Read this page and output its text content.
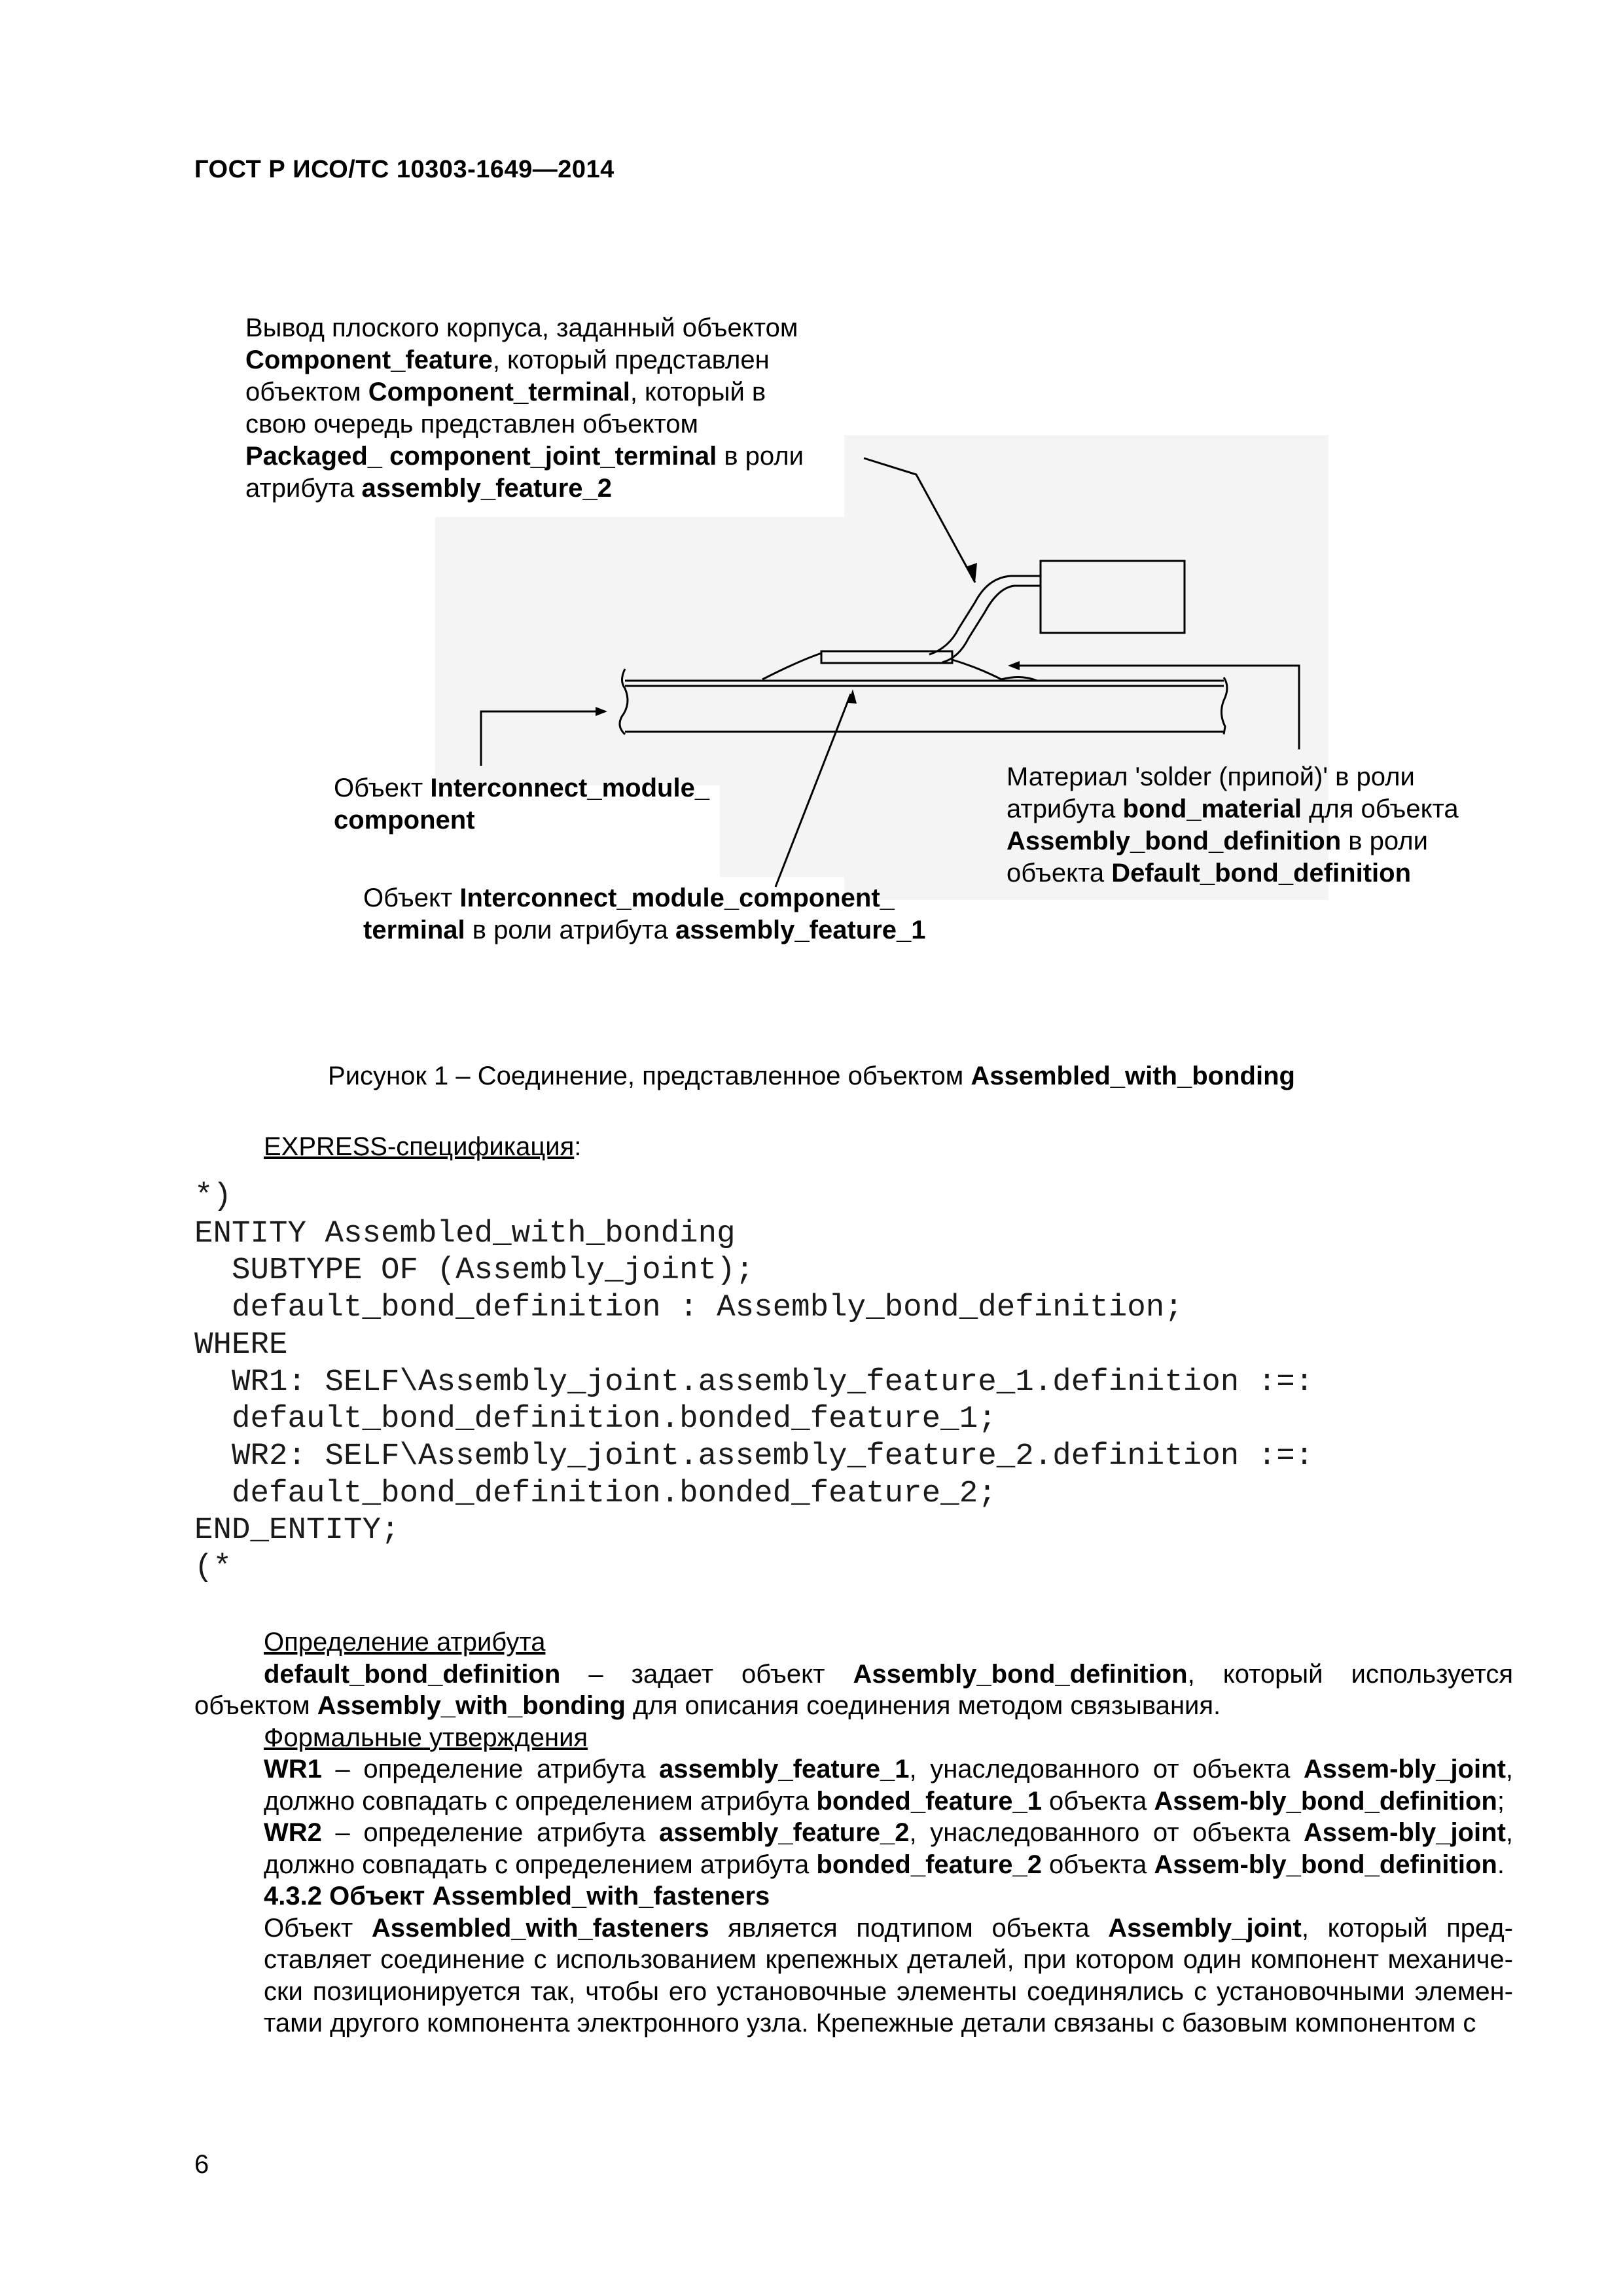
ГОСТ Р ИСО/ТС 10303-1649—2014
Вывод плоского корпуса, заданный объектом
Component_feature, который представлен
объектом Component_terminal, который в
свою очередь представлен объектом
Packaged_ component_joint_terminal в роли
атрибута assembly_feature_2
Объект Interconnect_module_
component
Объект Interconnect_module_component_
terminal в роли атрибута assembly_feature_1
Материал 'solder (припой)' в роли
атрибута bond_material для объекта
Assembly_bond_definition в роли
объекта Default_bond_definition
Рисунок 1 – Соединение, представленное объектом Assembled_with_bonding
EXPRESS-спецификация:
*)
ENTITY Assembled_with_bonding
SUBTYPE OF (Assembly_joint);
default_bond_definition : Assembly_bond_definition;
WHERE
WR1: SELF\Assembly_joint.assembly_feature_1.definition :=:
default_bond_definition.bonded_feature_1;
WR2: SELF\Assembly_joint.assembly_feature_2.definition :=:
default_bond_definition.bonded_feature_2;
END_ENTITY;
(*

Определение атрибута

default_bond_definition – задает объект Assembly_bond_definition, который используется

объектом Assembly_with_bonding для описания соединения методом связывания.

Формальные утверждения

WR1 – определение атрибута assembly_feature_1, унаследованного от объекта Assem-bly_joint, должно совпадать с определением атрибута bonded_feature_1 объекта Assem-bly_bond_definition;

WR2 – определение атрибута assembly_feature_2, унаследованного от объекта Assem-bly_joint, должно совпадать с определением атрибута bonded_feature_2 объекта Assem-bly_bond_definition.

4.3.2 Объект Assembled_with_fasteners

Объект Assembled_with_fasteners является подтипом объекта Assembly_joint, который пред-ставляет соединение с использованием крепежных деталей, при котором один компонент механиче-ски позиционируется так, чтобы его установочные элементы соединялись с установочными элемен-тами другого компонента электронного узла. Крепежные детали связаны с базовым компонентом с

6
